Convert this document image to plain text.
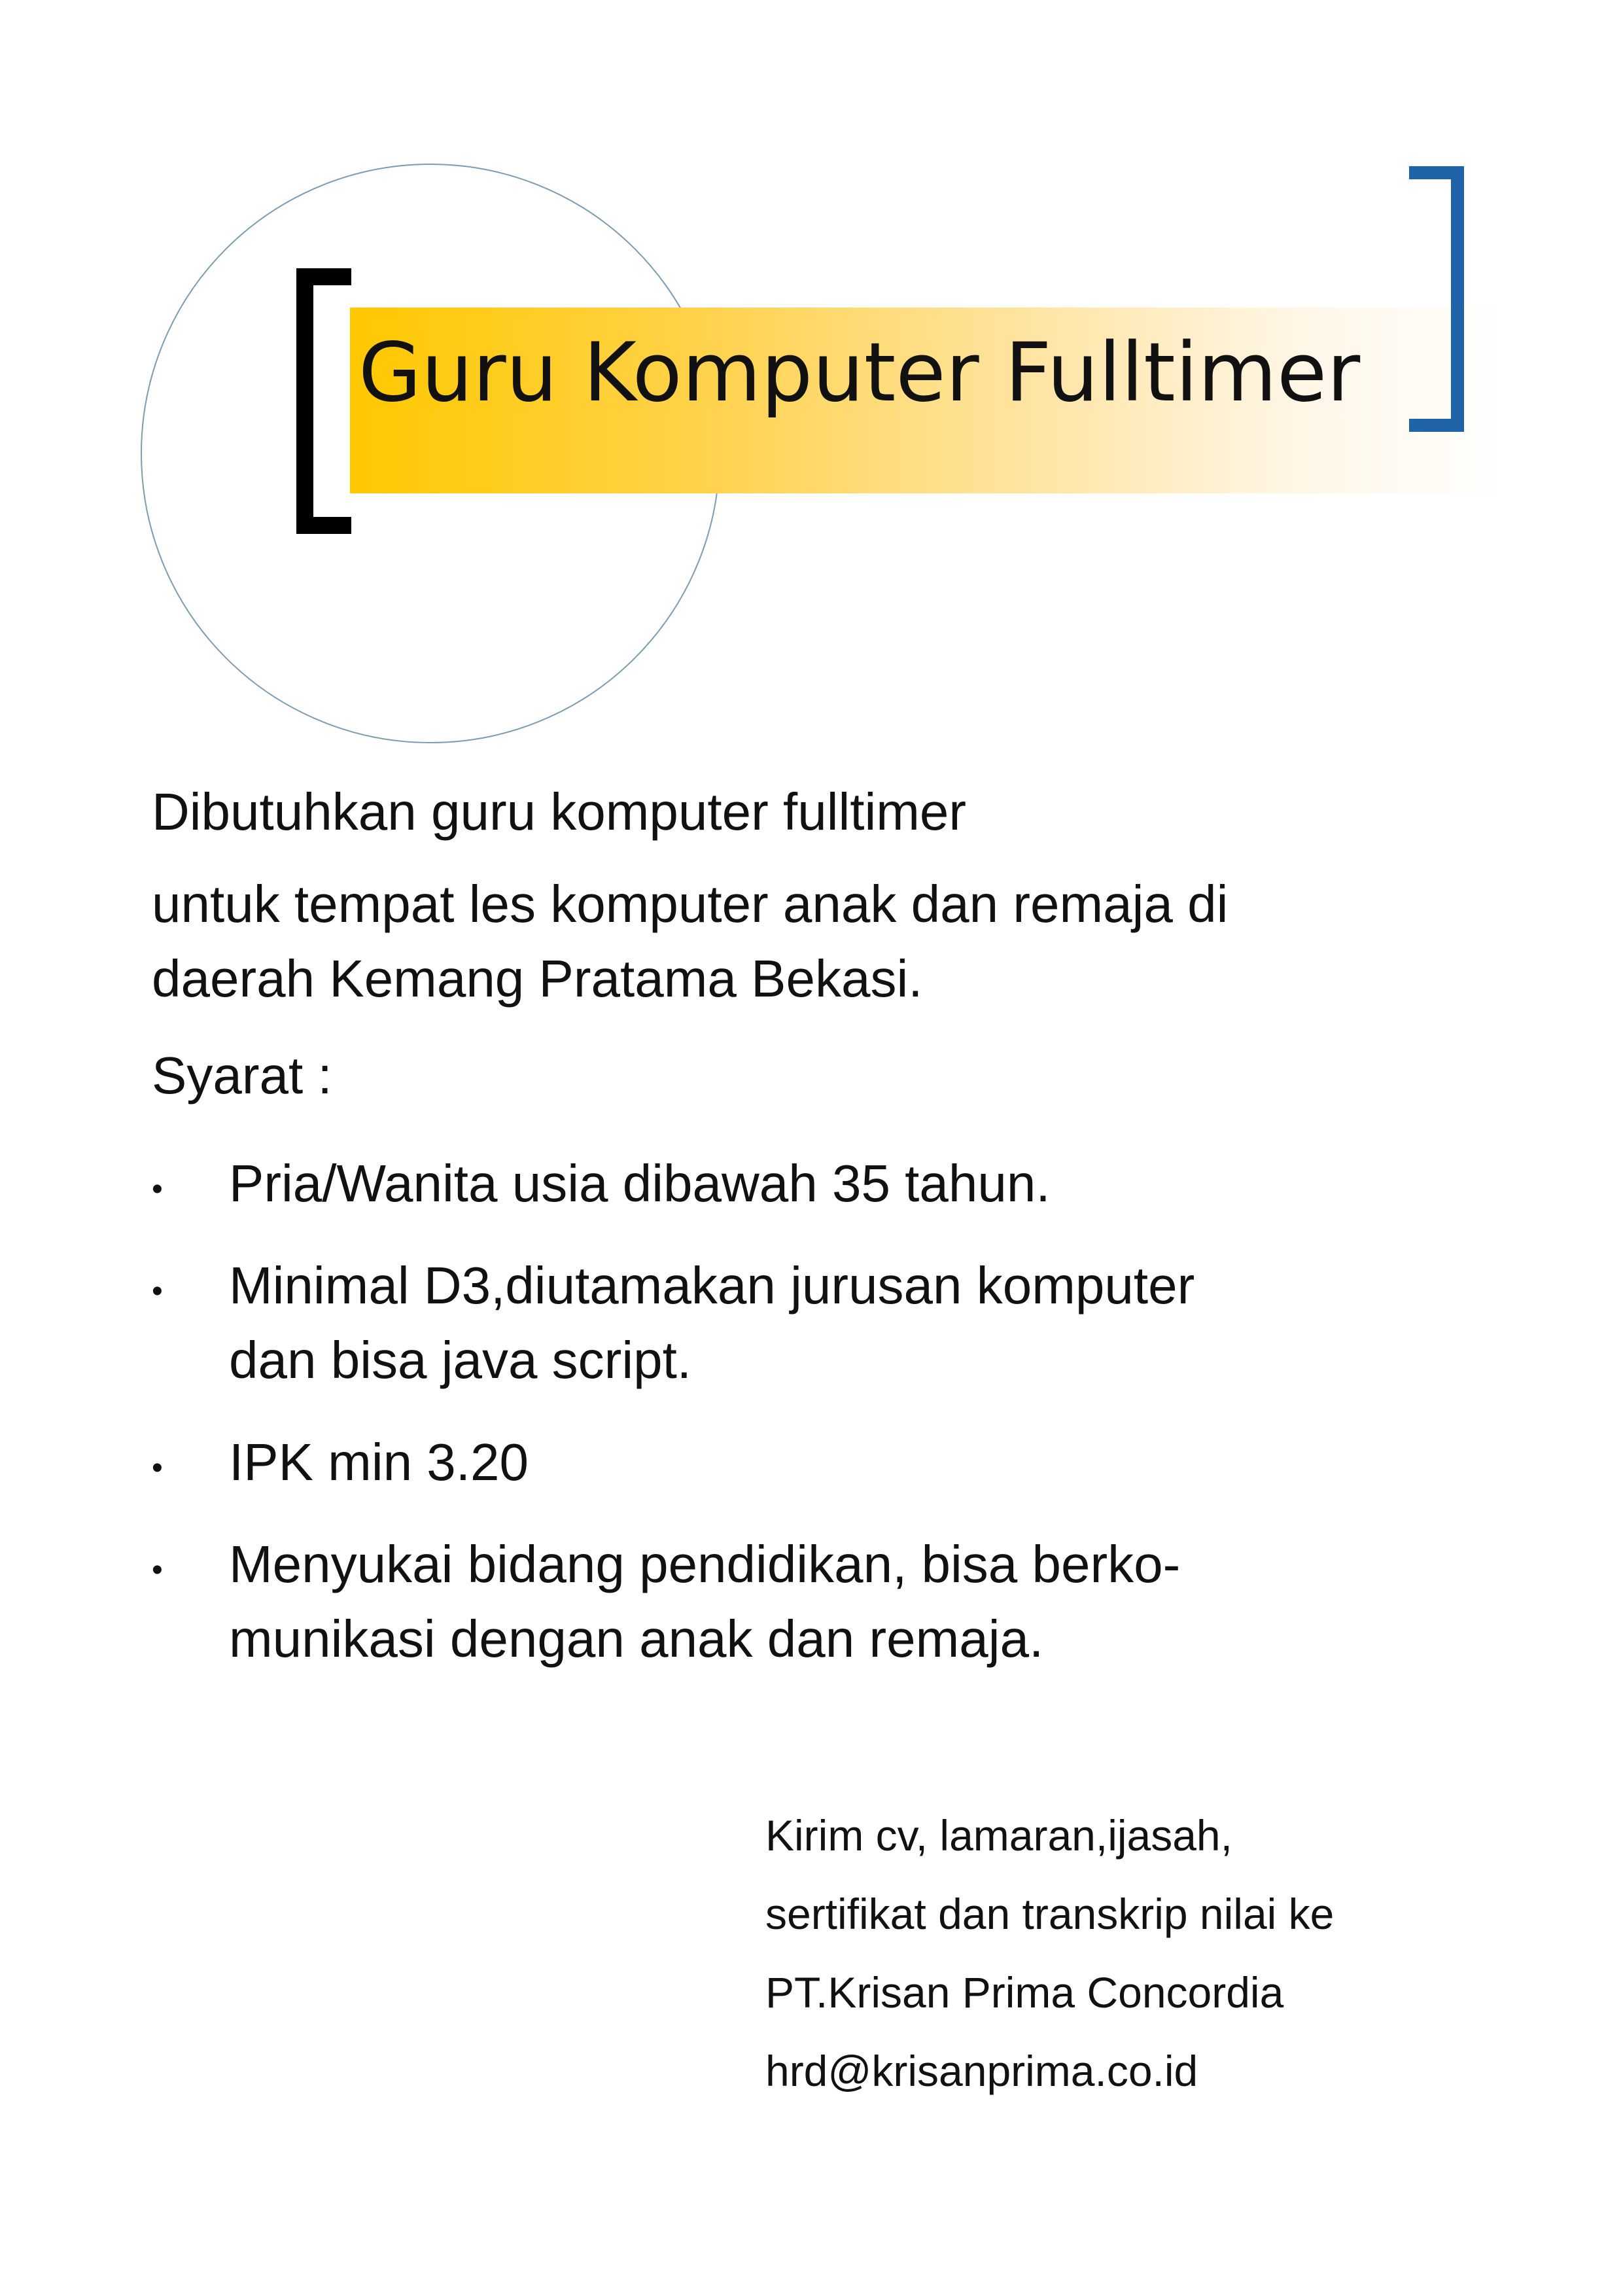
Guru Komputer Fulltimer
Dibutuhkan guru komputer fulltimer
untuk tempat les komputer anak dan remaja di
daerah Kemang Pratama Bekasi.
Syarat :
• Pria/Wanita usia dibawah 35 tahun.
• Minimal D3,diutamakan jurusan komputer
dan bisa java script.
• IPK min 3.20
• Menyukai bidang pendidikan, bisa berko-
munikasi dengan anak dan remaja.
Kirim cv, lamaran,ijasah,
sertifikat dan transkrip nilai ke
PT.Krisan Prima Concordia
hrd@krisanprima.co.id
